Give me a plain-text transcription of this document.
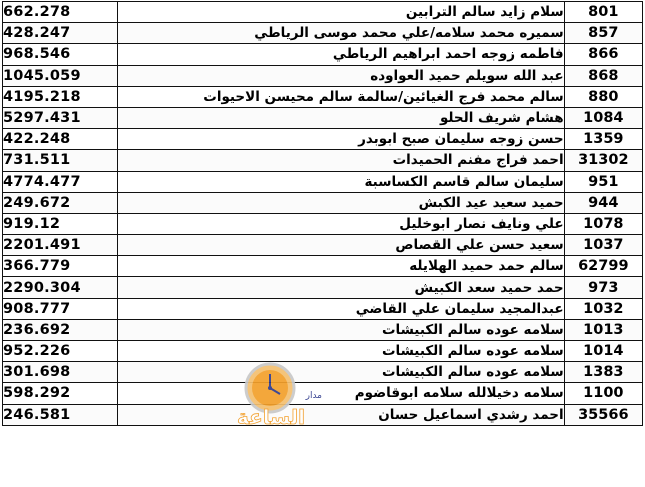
662.278	سلام زايد سالم الترابين	801
428.247	سميره محمد سلامه/علي محمد موسى الرياطي	857
968.546	فاطمه زوجه احمد ابراهيم الرياطي	866
1045.059	عبد الله سويلم حميد العواوده	868
4195.218	سالم محمد فرج الغيائين/سالمة سالم محيسن الاحيوات	880
5297.431	هشام شريف الحلو	1084
422.248	حسن زوجه سليمان صبح ابوبدر	1359
731.511	احمد فراج مفنم الحميدات	31302
4774.477	سليمان سالم قاسم الكساسبة	951
249.672	حميد سعيد عيد الكبش	944
919.12	علي ونايف نصار ابوخليل	1078
2201.491	سعيد حسن علي القصاص	1037
366.779	سالم حمد حميد الهلايله	62799
2290.304	حمد حميد سعد الكبيش	973
908.777	عبدالمجيد سليمان علي القاضي	1032
236.692	سلامه عوده سالم الكبيشات	1013
952.226	سلامه عوده سالم الكبيشات	1014
301.698	سلامه عوده سالم الكبيشات	1383
598.292	سلامه دخيلالله سلامه ابوقاضوم	1100
246.581	احمد رشدي اسماعيل حسان	35566
مدار
الساعة
